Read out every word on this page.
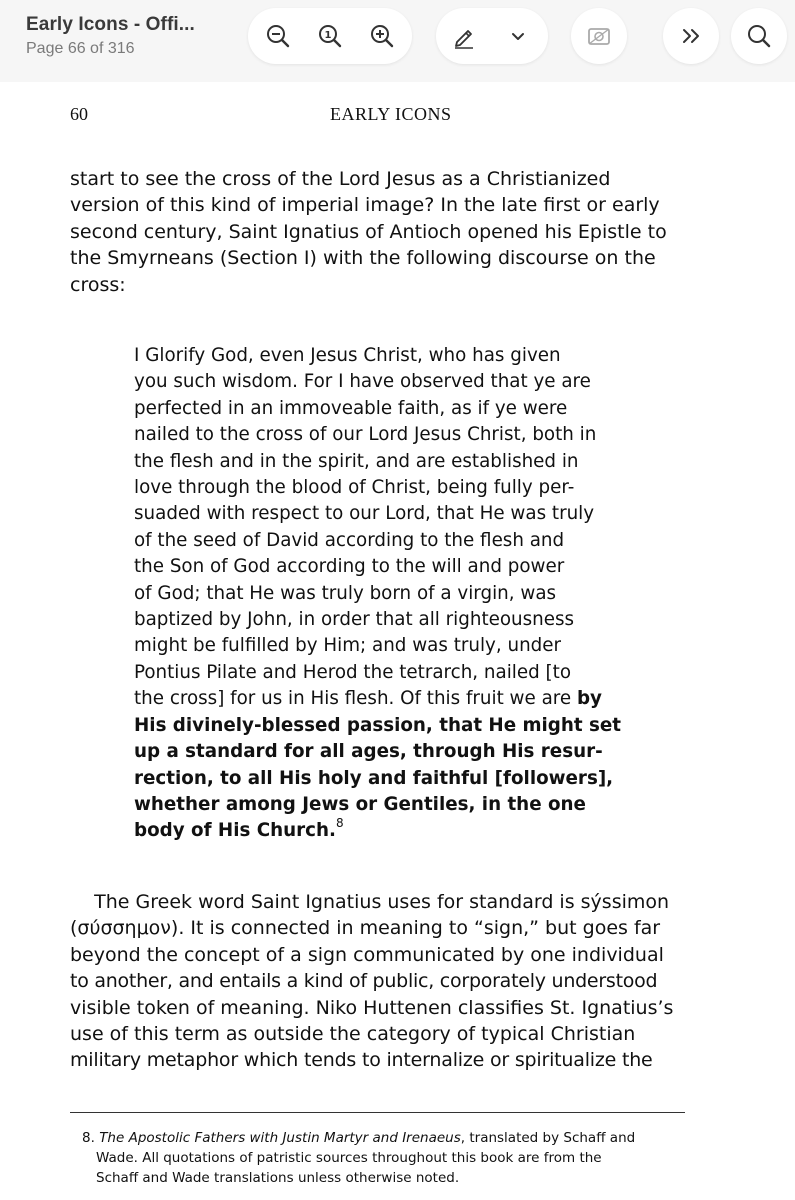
Early Icons - Offi...
Page 66 of 316
1
60	EARLY ICONS

start to see the cross of the Lord Jesus as a Christianized
version of this kind of imperial image? In the late first or early
second century, Saint Ignatius of Antioch opened his Epistle to
the Smyrneans (Section I) with the following discourse on the
cross:

I Glorify God, even Jesus Christ, who has given
you such wisdom. For I have observed that ye are
perfected in an immoveable faith, as if ye were
nailed to the cross of our Lord Jesus Christ, both in
the flesh and in the spirit, and are established in
love through the blood of Christ, being fully per-
suaded with respect to our Lord, that He was truly
of the seed of David according to the flesh and
the Son of God according to the will and power
of God; that He was truly born of a virgin, was
baptized by John, in order that all righteousness
might be fulfilled by Him; and was truly, under
Pontius Pilate and Herod the tetrarch, nailed [to
the cross] for us in His flesh. Of this fruit we are by
His divinely-blessed passion, that He might set
up a standard for all ages, through His resur-
rection, to all His holy and faithful [followers],
whether among Jews or Gentiles, in the one
body of His Church.$^8$

The Greek word Saint Ignatius uses for standard is sýssimon
(σύσσημον). It is connected in meaning to “sign,” but goes far
beyond the concept of a sign communicated by one individual
to another, and entails a kind of public, corporately understood
visible token of meaning. Niko Huttenen classifies St. Ignatius’s
use of this term as outside the category of typical Christian
military metaphor which tends to internalize or spiritualize the

8. The Apostolic Fathers with Justin Martyr and Irenaeus, translated by Schaff and
Wade. All quotations of patristic sources throughout this book are from the
Schaff and Wade translations unless otherwise noted.
